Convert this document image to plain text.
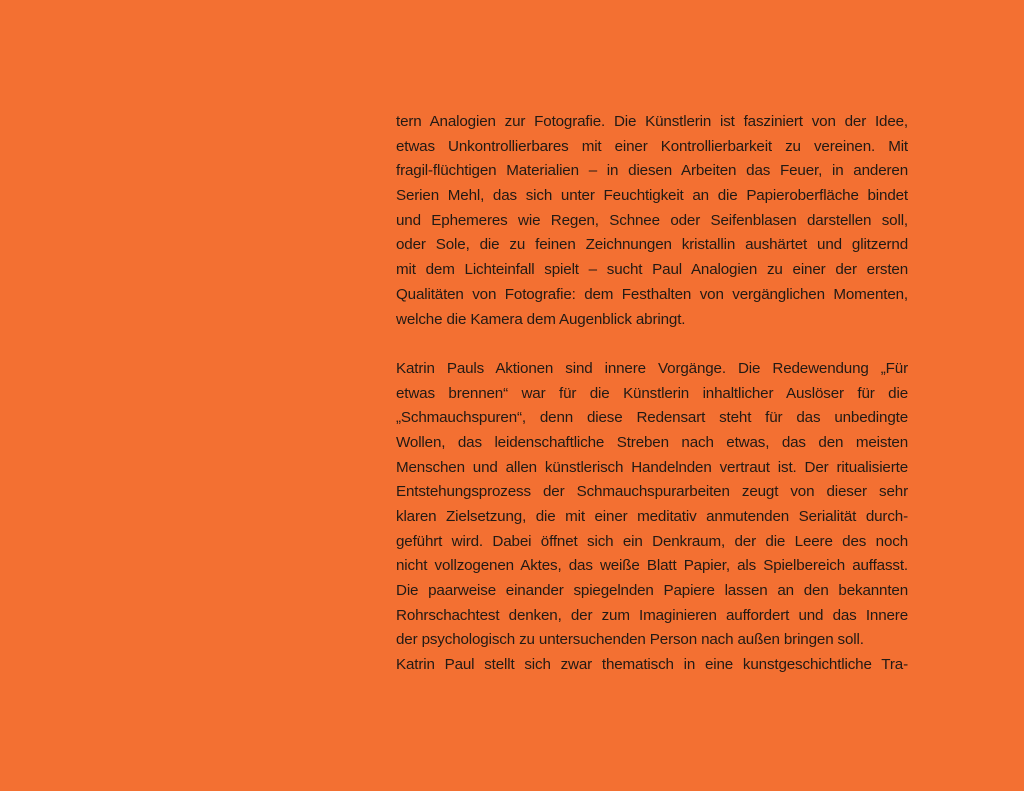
tern Analogien zur Fotografie. Die Künstlerin ist fasziniert von der Idee,
etwas Unkontrollierbares mit einer Kontrollierbarkeit zu vereinen. Mit
fragil-flüchtigen Materialien – in diesen Arbeiten das Feuer, in anderen
Serien Mehl, das sich unter Feuchtigkeit an die Papieroberfläche bindet
und Ephemeres wie Regen, Schnee oder Seifenblasen darstellen soll,
oder Sole, die zu feinen Zeichnungen kristallin aushärtet und glitzernd
mit dem Lichteinfall spielt – sucht Paul Analogien zu einer der ersten
Qualitäten von Fotografie: dem Festhalten von vergänglichen Momenten,
welche die Kamera dem Augenblick abringt.
Katrin Pauls Aktionen sind innere Vorgänge. Die Redewendung „Für
etwas brennen“ war für die Künstlerin inhaltlicher Auslöser für die
„Schmauchspuren“, denn diese Redensart steht für das unbedingte
Wollen, das leidenschaftliche Streben nach etwas, das den meisten
Menschen und allen künstlerisch Handelnden vertraut ist. Der ritualisierte
Entstehungsprozess der Schmauchspurarbeiten zeugt von dieser sehr
klaren Zielsetzung, die mit einer meditativ anmutenden Serialität durch-
geführt wird. Dabei öffnet sich ein Denkraum, der die Leere des noch
nicht vollzogenen Aktes, das weiße Blatt Papier, als Spielbereich auffasst.
Die paarweise einander spiegelnden Papiere lassen an den bekannten
Rohrschachtest denken, der zum Imaginieren auffordert und das Innere
der psychologisch zu untersuchenden Person nach außen bringen soll.
Katrin Paul stellt sich zwar thematisch in eine kunstgeschichtliche Tra-
